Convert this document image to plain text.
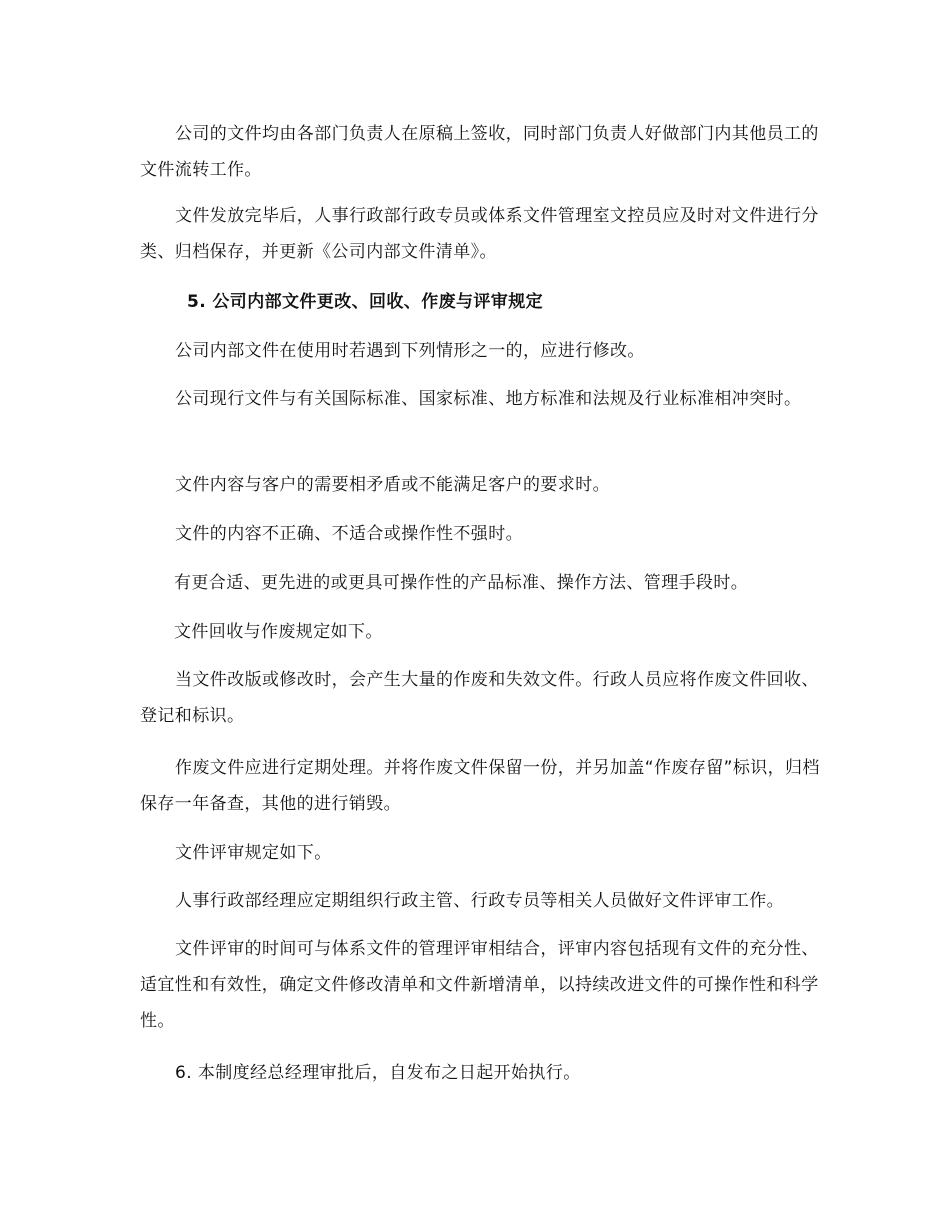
公司的文件均由各部门负责人在原稿上签收，同时部门负责人好做部门内其他员工的文件流转工作。

文件发放完毕后，人事行政部行政专员或体系文件管理室文控员应及时对文件进行分类、归档保存，并更新《公司内部文件清单》。

5. 公司内部文件更改、回收、作废与评审规定

公司内部文件在使用时若遇到下列情形之一的，应进行修改。

公司现行文件与有关国际标准、国家标准、地方标准和法规及行业标准相冲突时。

文件内容与客户的需要相矛盾或不能满足客户的要求时。

文件的内容不正确、不适合或操作性不强时。

有更合适、更先进的或更具可操作性的产品标准、操作方法、管理手段时。

文件回收与作废规定如下。

当文件改版或修改时，会产生大量的作废和失效文件。行政人员应将作废文件回收、登记和标识。

作废文件应进行定期处理。并将作废文件保留一份，并另加盖“作废存留”标识，归档保存一年备查，其他的进行销毁。

文件评审规定如下。

人事行政部经理应定期组织行政主管、行政专员等相关人员做好文件评审工作。

文件评审的时间可与体系文件的管理评审相结合，评审内容包括现有文件的充分性、适宜性和有效性，确定文件修改清单和文件新增清单，以持续改进文件的可操作性和科学性。

6. 本制度经总经理审批后，自发布之日起开始执行。
